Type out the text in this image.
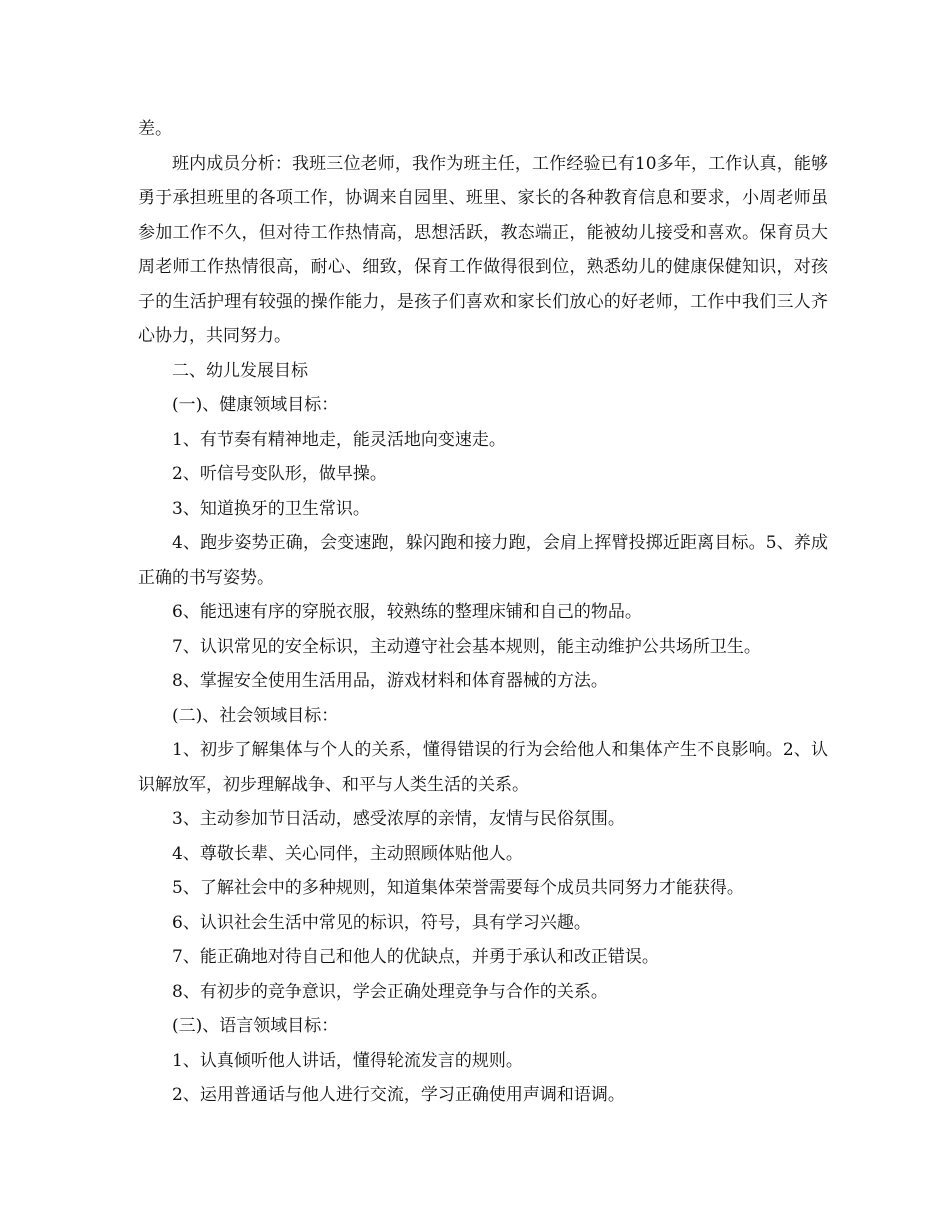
差。

班内成员分析：我班三位老师，我作为班主任，工作经验已有10多年，工作认真，能够勇于承担班里的各项工作，协调来自园里、班里、家长的各种教育信息和要求，小周老师虽参加工作不久，但对待工作热情高，思想活跃，教态端正，能被幼儿接受和喜欢。保育员大周老师工作热情很高，耐心、细致，保育工作做得很到位，熟悉幼儿的健康保健知识，对孩子的生活护理有较强的操作能力，是孩子们喜欢和家长们放心的好老师，工作中我们三人齐心协力，共同努力。

二、幼儿发展目标

(一)、健康领域目标：

1、有节奏有精神地走，能灵活地向变速走。

2、听信号变队形，做早操。

3、知道换牙的卫生常识。

4、跑步姿势正确，会变速跑，躲闪跑和接力跑，会肩上挥臂投掷近距离目标。5、养成正确的书写姿势。

6、能迅速有序的穿脱衣服，较熟练的整理床铺和自己的物品。

7、认识常见的安全标识，主动遵守社会基本规则，能主动维护公共场所卫生。

8、掌握安全使用生活用品，游戏材料和体育器械的方法。

(二)、社会领域目标：

1、初步了解集体与个人的关系，懂得错误的行为会给他人和集体产生不良影响。2、认识解放军，初步理解战争、和平与人类生活的关系。

3、主动参加节日活动，感受浓厚的亲情，友情与民俗氛围。

4、尊敬长辈、关心同伴，主动照顾体贴他人。

5、了解社会中的多种规则，知道集体荣誉需要每个成员共同努力才能获得。

6、认识社会生活中常见的标识，符号，具有学习兴趣。

7、能正确地对待自己和他人的优缺点，并勇于承认和改正错误。

8、有初步的竞争意识，学会正确处理竞争与合作的关系。

(三)、语言领域目标：

1、认真倾听他人讲话，懂得轮流发言的规则。

2、运用普通话与他人进行交流，学习正确使用声调和语调。
